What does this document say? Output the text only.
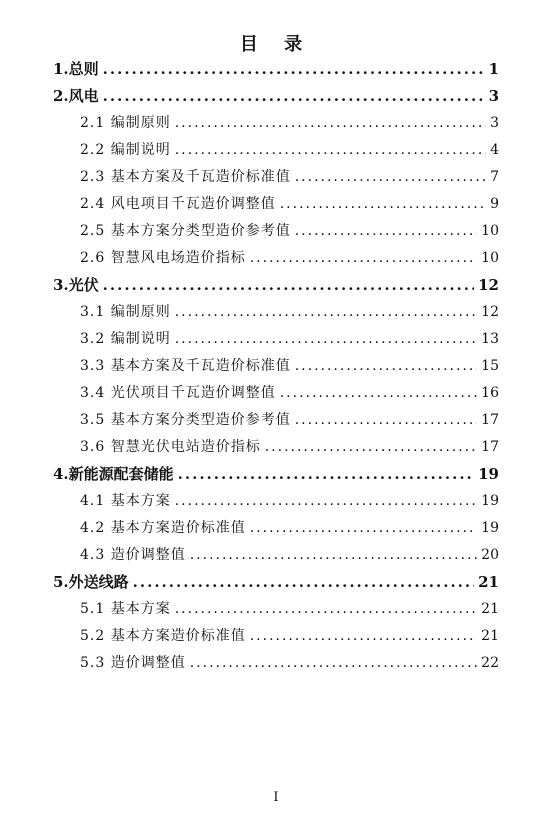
目 录
1.总则 .....	1
2.风电 .....	3
2.1 编制原则 .....	3
2.2 编制说明 .....	4
2.3 基本方案及千瓦造价标准值 .....	7
2.4 风电项目千瓦造价调整值 .....	9
2.5 基本方案分类型造价参考值 .....	10
2.6 智慧风电场造价指标 .....	10
3.光伏 .....	12
3.1 编制原则 .....	12
3.2 编制说明 .....	13
3.3 基本方案及千瓦造价标准值 .....	15
3.4 光伏项目千瓦造价调整值 .....	16
3.5 基本方案分类型造价参考值 .....	17
3.6 智慧光伏电站造价指标 .....	17
4.新能源配套储能 .....	19
4.1 基本方案 .....	19
4.2 基本方案造价标准值 .....	19
4.3 造价调整值 .....	20
5.外送线路 .....	21
5.1 基本方案 .....	21
5.2 基本方案造价标准值 .....	21
5.3 造价调整值 .....	22
I
